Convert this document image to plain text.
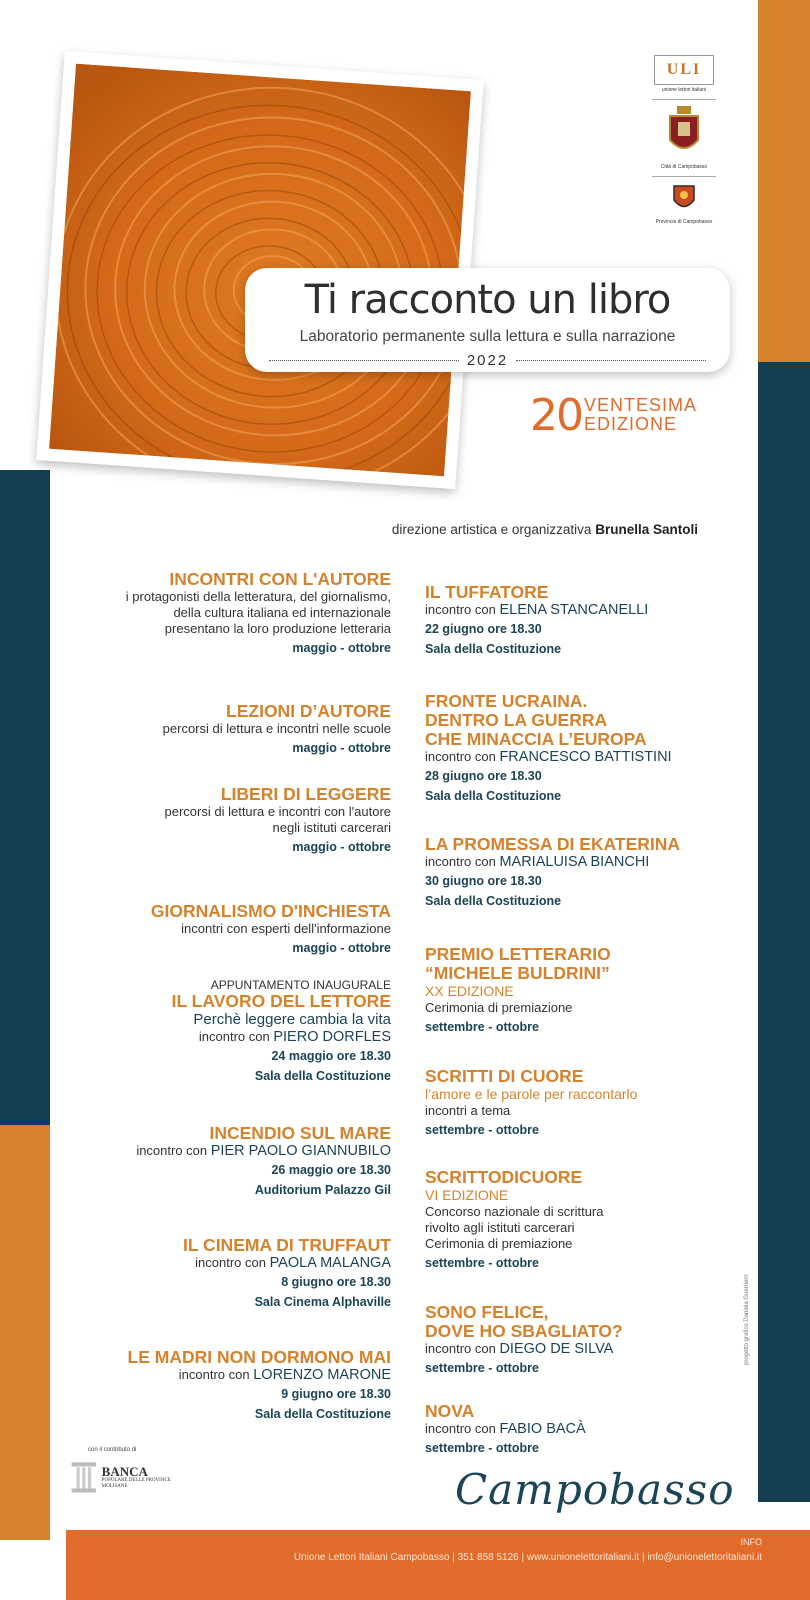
Ti racconto un libro
Laboratorio permanente sulla lettura e sulla narrazione
2022
20 VENTESIMA
EDIZIONE
ULI
unione lettori italiani
Città di Campobasso
Provincia di Campobasso
direzione artistica e organizzativa Brunella Santoli
INCONTRI CON L'AUTORE
i protagonisti della letteratura, del giornalismo,
della cultura italiana ed internazionale
presentano la loro produzione letteraria
maggio - ottobre
LEZIONI D’AUTORE
percorsi di lettura e incontri nelle scuole
maggio - ottobre
LIBERI DI LEGGERE
percorsi di lettura e incontri con l'autore
negli istituti carcerari
maggio - ottobre
GIORNALISMO D'INCHIESTA
incontri con esperti dell'informazione
maggio - ottobre
APPUNTAMENTO INAUGURALE
IL LAVORO DEL LETTORE
Perchè leggere cambia la vita
incontro con PIERO DORFLES
24 maggio ore 18.30
Sala della Costituzione
INCENDIO SUL MARE
incontro con PIER PAOLO GIANNUBILO
26 maggio ore 18.30
Auditorium Palazzo Gil
IL CINEMA DI TRUFFAUT
incontro con PAOLA MALANGA
8 giugno ore 18.30
Sala Cinema Alphaville
LE MADRI NON DORMONO MAI
incontro con LORENZO MARONE
9 giugno ore 18.30
Sala della Costituzione
IL TUFFATORE
incontro con ELENA STANCANELLI
22 giugno ore 18.30
Sala della Costituzione
FRONTE UCRAINA.
DENTRO LA GUERRA
CHE MINACCIA L’EUROPA
incontro con FRANCESCO BATTISTINI
28 giugno ore 18.30
Sala della Costituzione
LA PROMESSA DI EKATERINA
incontro con MARIALUISA BIANCHI
30 giugno ore 18.30
Sala della Costituzione
PREMIO LETTERARIO
“MICHELE BULDRINI”
XX EDIZIONE
Cerimonia di premiazione
settembre - ottobre
SCRITTI DI CUORE
l’amore e le parole per raccontarlo
incontri a tema
settembre - ottobre
SCRITTODICUORE
VI EDIZIONE
Concorso nazionale di scrittura
rivolto agli istituti carcerari
Cerimonia di premiazione
settembre - ottobre
SONO FELICE,
DOVE HO SBAGLIATO?
incontro con DIEGO DE SILVA
settembre - ottobre
NOVA
incontro con FABIO BACÀ
settembre - ottobre
progetto grafico Daniela Guerriero
con il contributo di
BANCA
POPOLARE DELLE PROVINCE MOLISANE	Campobasso
INFO
Unione Lettori Italiani Campobasso | 351 858 5126 | www.unionelettoritaliani.it | info@unionelettoritaliani.it
